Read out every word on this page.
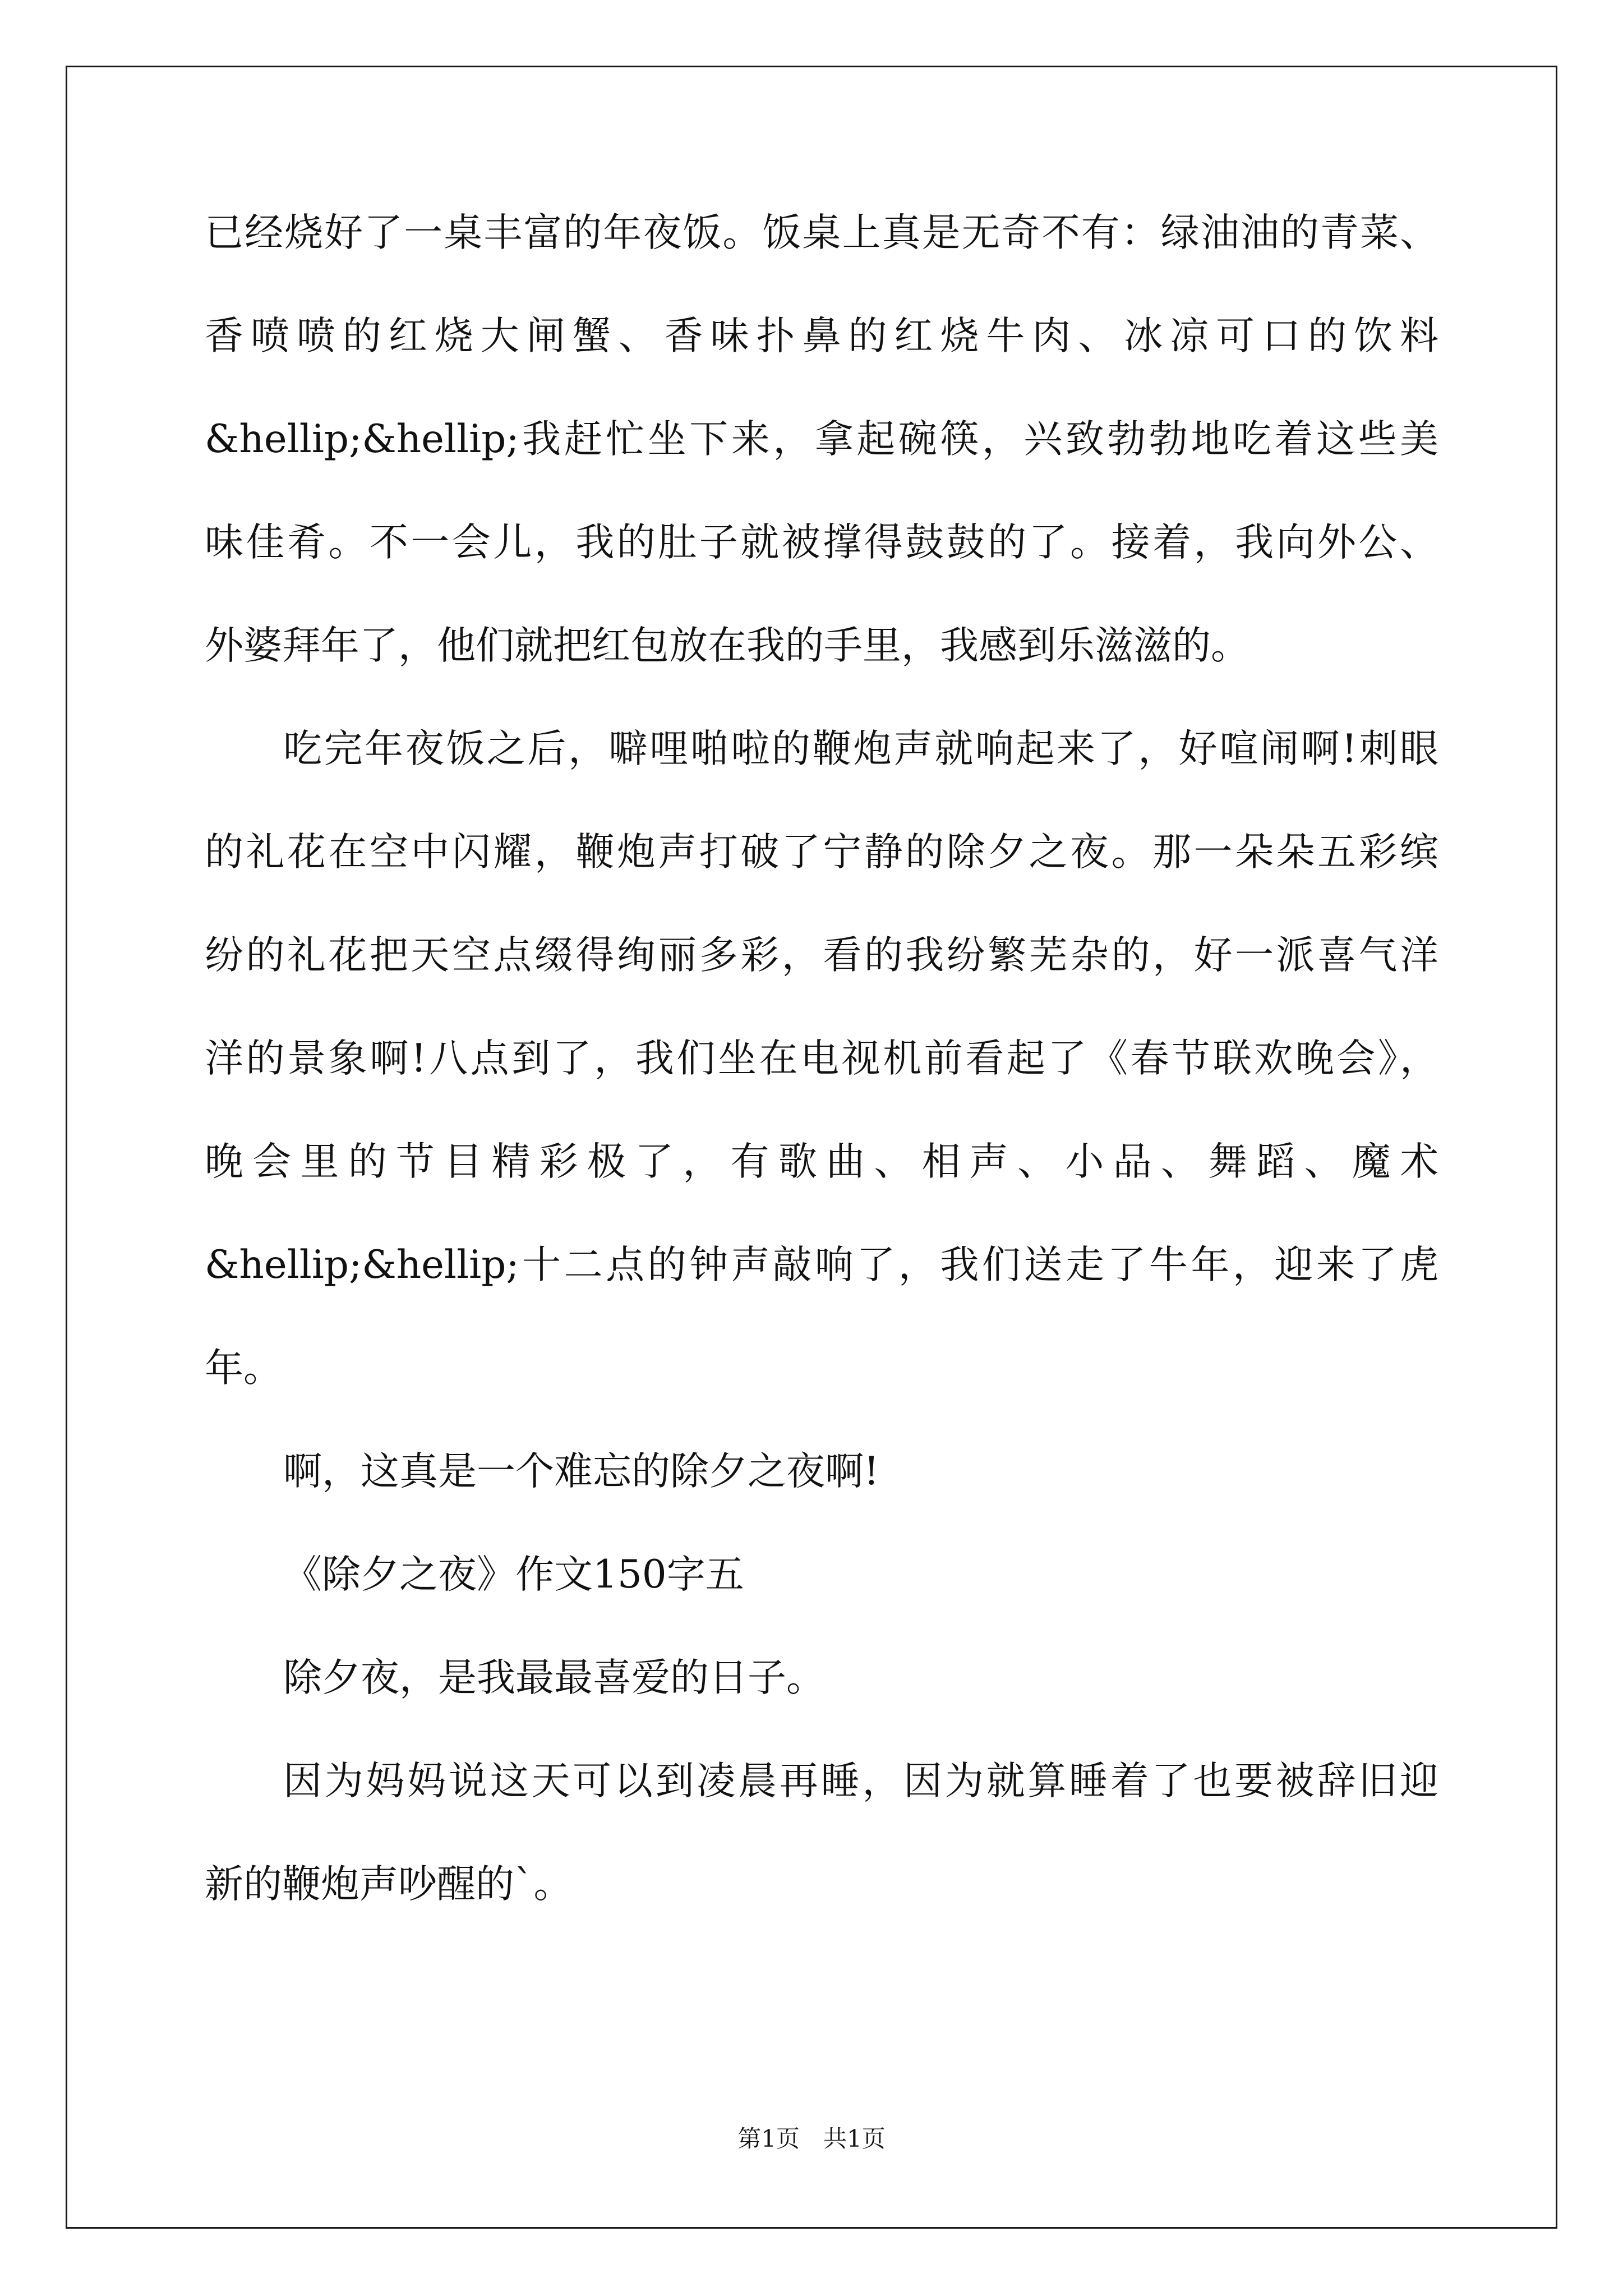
已经烧好了一桌丰富的年夜饭。饭桌上真是无奇不有：绿油油的青菜、
香喷喷的红烧大闸蟹、香味扑鼻的红烧牛肉、冰凉可口的饮料
&hellip;&hellip;我赶忙坐下来，拿起碗筷，兴致勃勃地吃着这些美
味佳肴。不一会儿，我的肚子就被撑得鼓鼓的了。接着，我向外公、
外婆拜年了，他们就把红包放在我的手里，我感到乐滋滋的。
吃完年夜饭之后，噼哩啪啦的鞭炮声就响起来了，好喧闹啊!刺眼
的礼花在空中闪耀，鞭炮声打破了宁静的除夕之夜。那一朵朵五彩缤
纷的礼花把天空点缀得绚丽多彩，看的我纷繁芜杂的，好一派喜气洋
洋的景象啊!八点到了，我们坐在电视机前看起了《春节联欢晚会》，
晚会里的节目精彩极了，有歌曲、相声、小品、舞蹈、魔术
&hellip;&hellip;十二点的钟声敲响了，我们送走了牛年，迎来了虎
年。
啊，这真是一个难忘的除夕之夜啊!
《除夕之夜》作文150字五
除夕夜，是我最最喜爱的日子。
因为妈妈说这天可以到凌晨再睡，因为就算睡着了也要被辞旧迎
新的鞭炮声吵醒的`。
第1页　共1页
